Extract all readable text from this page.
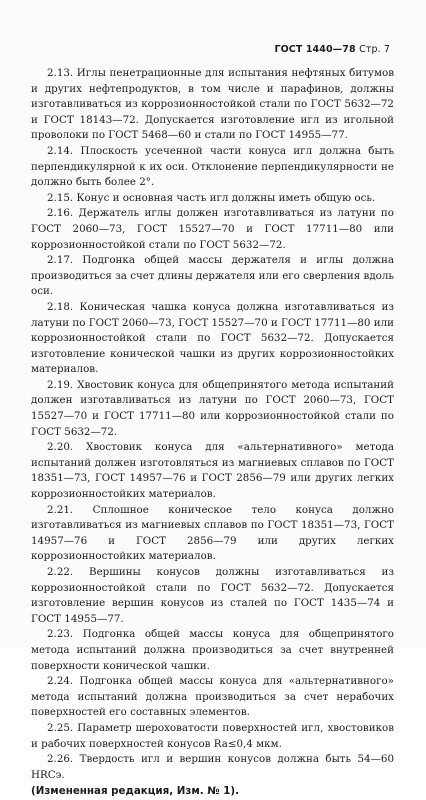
ГОСТ 1440—78 Стр. 7

2.13. Иглы пенетрационные для испытания нефтяных битумов и других нефтепродуктов, в том числе и парафинов, должны изготавливаться из коррозионностойкой стали по ГОСТ 5632—72 и ГОСТ 18143—72. Допускается изготовление игл из игольной проволоки по ГОСТ 5468—60 и стали по ГОСТ 14955—77.

2.14. Плоскость усеченной части конуса игл должна быть перпендикулярной к их оси. Отклонение перпендикулярности не должно быть более 2°.

2.15. Конус и основная часть игл должны иметь общую ось.

2.16. Держатель иглы должен изготавливаться из латуни по ГОСТ 2060—73, ГОСТ 15527—70 и ГОСТ 17711—80 или коррозионностойкой стали по ГОСТ 5632—72.

2.17. Подгонка общей массы держателя и иглы должна производиться за счет длины держателя или его сверления вдоль оси.

2.18. Коническая чашка конуса должна изготавливаться из латуни по ГОСТ 2060—73, ГОСТ 15527—70 и ГОСТ 17711—80 или коррозионностойкой стали по ГОСТ 5632—72. Допускается изготовление конической чашки из других коррозионностойких материалов.

2.19. Хвостовик конуса для общепринятого метода испытаний должен изготавливаться из латуни по ГОСТ 2060—73, ГОСТ 15527—70 и ГОСТ 17711—80 или коррозионностойкой стали по ГОСТ 5632—72.

2.20. Хвостовик конуса для «альтернативного» метода испытаний должен изготовляться из магниевых сплавов по ГОСТ 18351—73, ГОСТ 14957—76 и ГОСТ 2856—79 или других легких коррозионностойких материалов.

2.21. Сплошное коническое тело конуса должно изготавливаться из магниевых сплавов по ГОСТ 18351—73, ГОСТ 14957—76 и ГОСТ 2856—79 или других легких коррозионностойких материалов.

2.22. Вершины конусов должны изготавливаться из коррозионностойкой стали по ГОСТ 5632—72. Допускается изготовление вершин конусов из сталей по ГОСТ 1435—74 и ГОСТ 14955—77.

2.23. Подгонка общей массы конуса для общепринятого метода испытаний должна производиться за счет внутренней поверхности конической чашки.

2.24. Подгонка общей массы конуса для «альтернативного» метода испытаний должна производиться за счет нерабочих поверхностей его составных элементов.

2.25. Параметр шероховатости поверхностей игл, хвостовиков и рабочих поверхностей конусов Ra≤0,4 мкм.

2.26. Твердость игл и вершин конусов должна быть 54—60 HRCэ.

(Измененная редакция, Изм. № 1).
